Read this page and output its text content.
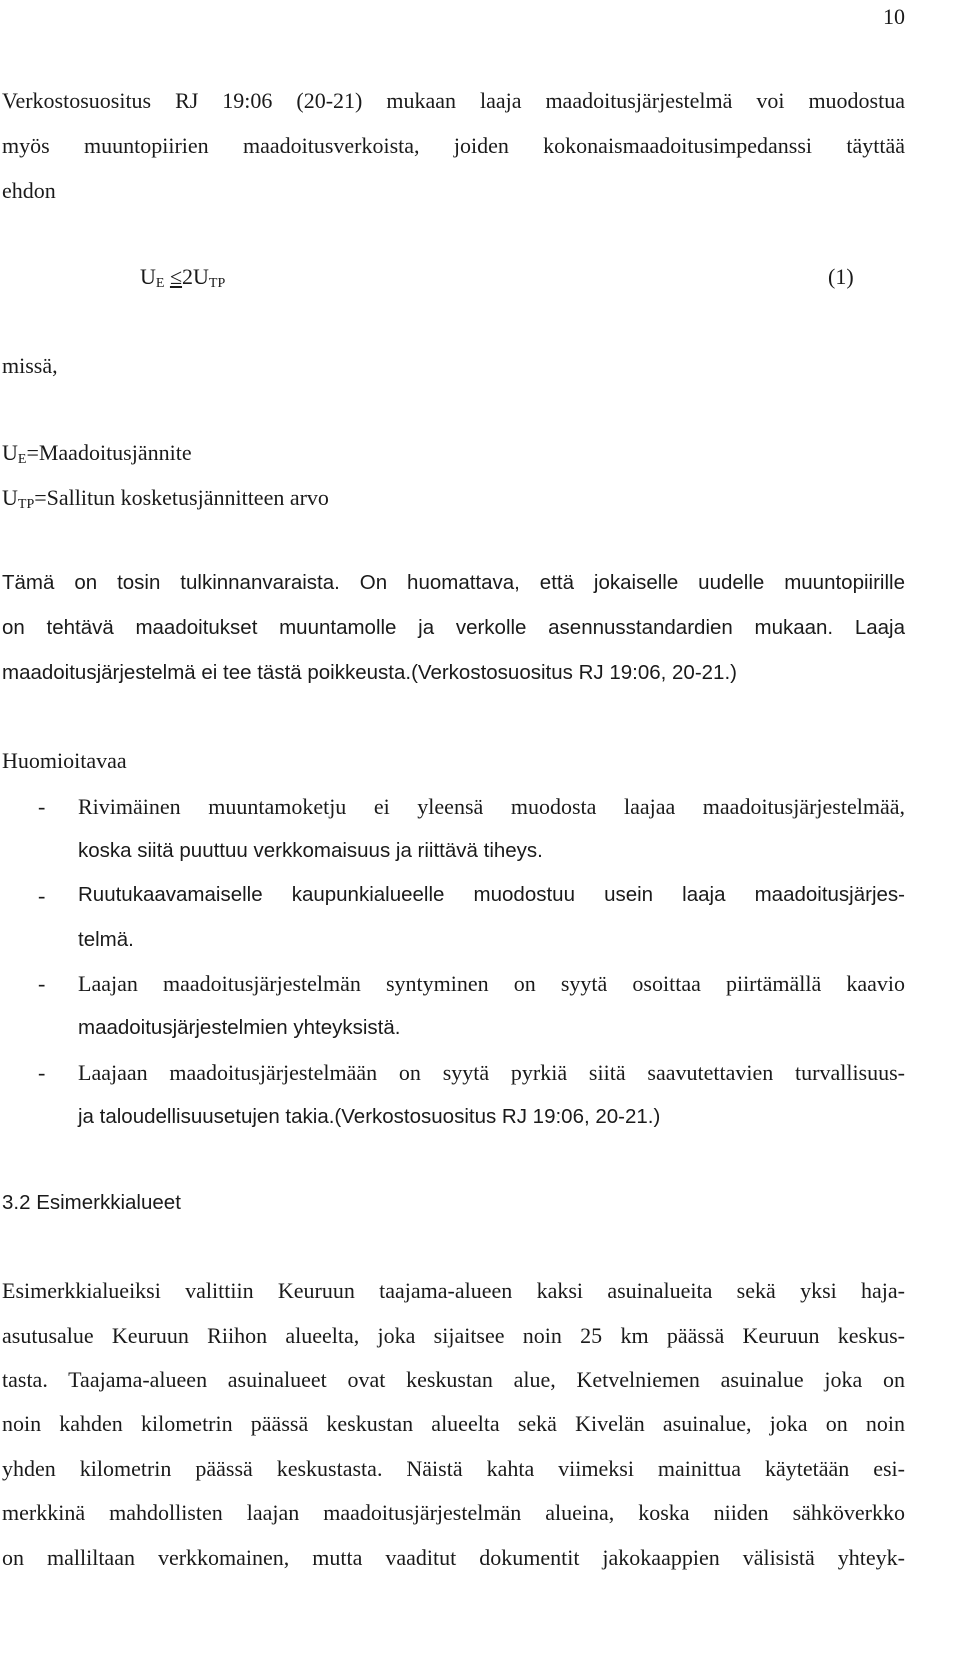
10
Verkostosuositus RJ 19:06 (20-21) mukaan laaja maadoitusjärjestelmä voi muodostua
myös muuntopiirien maadoitusverkoista, joiden kokonaismaadoitusimpedanssi täyttää
ehdon
$U_E \le 2U_{TP}$	(1)
missä,
$U_E=Maadoitusjännite$
$U_{TP}=Sallitun$ kosketusjännitteen arvo
Tämä on tosin tulkinnanvaraista. On huomattava, että jokaiselle uudelle muuntopiirille
on tehtävä maadoitukset muuntamolle ja verkolle asennusstandardien mukaan. Laaja
maadoitusjärjestelmä ei tee tästä poikkeusta.(Verkostosuositus RJ 19:06, 20-21.)
Huomioitavaa
- Rivimäinen muuntamoketju ei yleensä muodosta laajaa maadoitusjärjestelmää,
koska siitä puuttuu verkkomaisuus ja riittävä tiheys.
- Ruutukaavamaiselle kaupunkialueelle muodostuu usein laaja maadoitusjärjes-
telmä.
- Laajan maadoitusjärjestelmän syntyminen on syytä osoittaa piirtämällä kaavio
maadoitusjärjestelmien yhteyksistä.
- Laajaan maadoitusjärjestelmään on syytä pyrkiä siitä saavutettavien turvallisuus-
ja taloudellisuusetujen takia.(Verkostosuositus RJ 19:06, 20-21.)
3.2 Esimerkkialueet
Esimerkkialueiksi valittiin Keuruun taajama-alueen kaksi asuinalueita sekä yksi haja-
asutusalue Keuruun Riihon alueelta, joka sijaitsee noin 25 km päässä Keuruun keskus-
tasta. Taajama-alueen asuinalueet ovat keskustan alue, Ketvelniemen asuinalue joka on
noin kahden kilometrin päässä keskustan alueelta sekä Kivelän asuinalue, joka on noin
yhden kilometrin päässä keskustasta. Näistä kahta viimeksi mainittua käytetään esi-
merkkinä mahdollisten laajan maadoitusjärjestelmän alueina, koska niiden sähköverkko
on malliltaan verkkomainen, mutta vaaditut dokumentit jakokaappien välisistä yhteyk-
